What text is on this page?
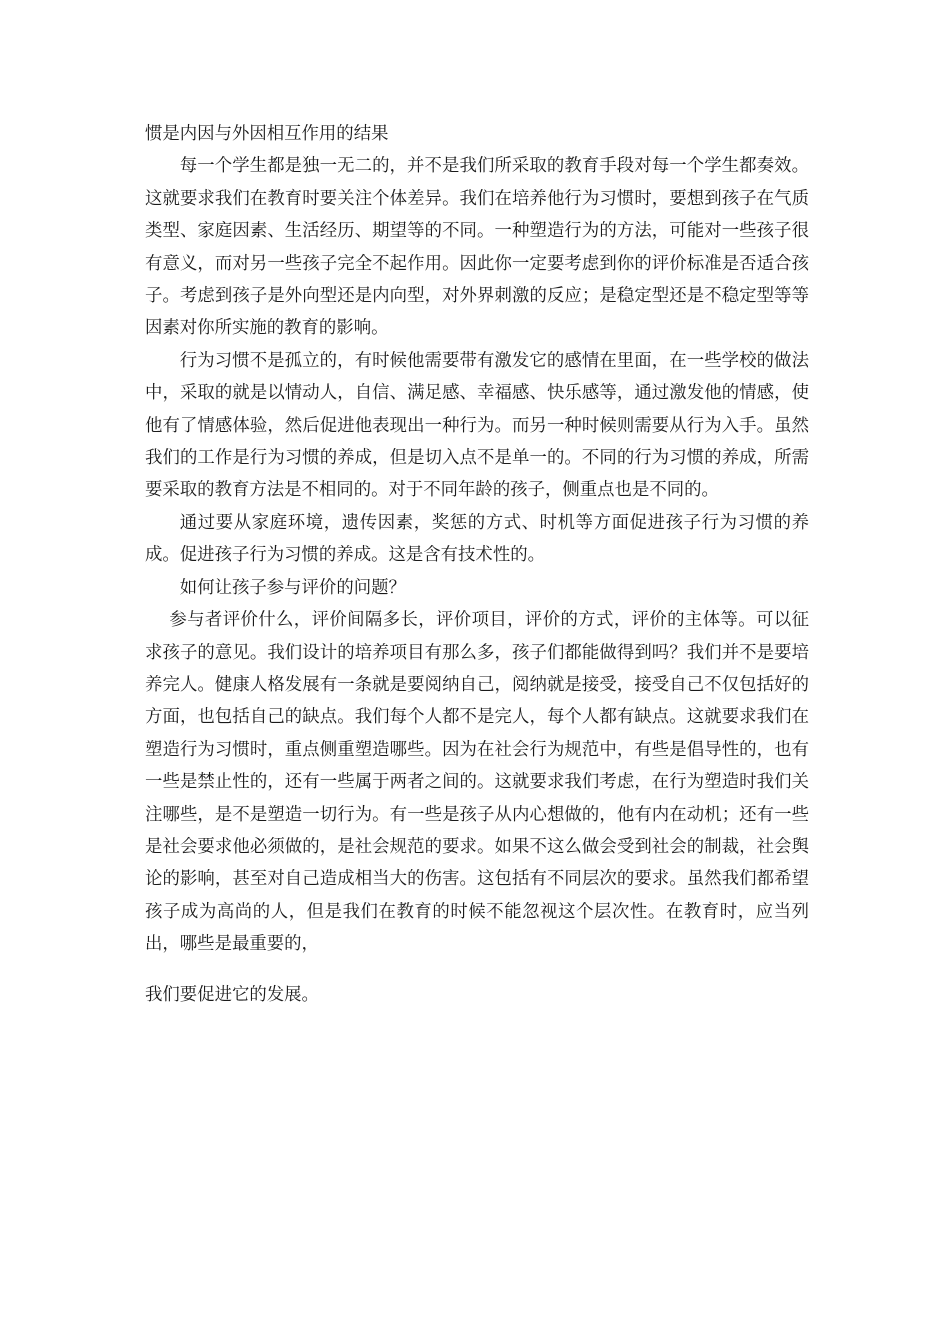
惯是内因与外因相互作用的结果

每一个学生都是独一无二的，并不是我们所采取的教育手段对每一个学生都奏效。这就要求我们在教育时要关注个体差异。我们在培养他行为习惯时，要想到孩子在气质类型、家庭因素、生活经历、期望等的不同。一种塑造行为的方法，可能对一些孩子很有意义，而对另一些孩子完全不起作用。因此你一定要考虑到你的评价标准是否适合孩子。考虑到孩子是外向型还是内向型，对外界刺激的反应；是稳定型还是不稳定型等等因素对你所实施的教育的影响。

行为习惯不是孤立的，有时候他需要带有激发它的感情在里面，在一些学校的做法中，采取的就是以情动人，自信、满足感、幸福感、快乐感等，通过激发他的情感，使他有了情感体验，然后促进他表现出一种行为。而另一种时候则需要从行为入手。虽然我们的工作是行为习惯的养成，但是切入点不是单一的。不同的行为习惯的养成，所需要采取的教育方法是不相同的。对于不同年龄的孩子，侧重点也是不同的。

通过要从家庭环境，遗传因素，奖惩的方式、时机等方面促进孩子行为习惯的养成。促进孩子行为习惯的养成。这是含有技术性的。

如何让孩子参与评价的问题？

参与者评价什么，评价间隔多长，评价项目，评价的方式，评价的主体等。可以征求孩子的意见。我们设计的培养项目有那么多，孩子们都能做得到吗？我们并不是要培养完人。健康人格发展有一条就是要阅纳自己，阅纳就是接受，接受自己不仅包括好的方面，也包括自己的缺点。我们每个人都不是完人，每个人都有缺点。这就要求我们在塑造行为习惯时，重点侧重塑造哪些。因为在社会行为规范中，有些是倡导性的，也有一些是禁止性的，还有一些属于两者之间的。这就要求我们考虑，在行为塑造时我们关注哪些，是不是塑造一切行为。有一些是孩子从内心想做的，他有内在动机；还有一些是社会要求他必须做的，是社会规范的要求。如果不这么做会受到社会的制裁，社会舆论的影响，甚至对自己造成相当大的伤害。这包括有不同层次的要求。虽然我们都希望孩子成为高尚的人，但是我们在教育的时候不能忽视这个层次性。在教育时，应当列出，哪些是最重要的，

我们要促进它的发展。
